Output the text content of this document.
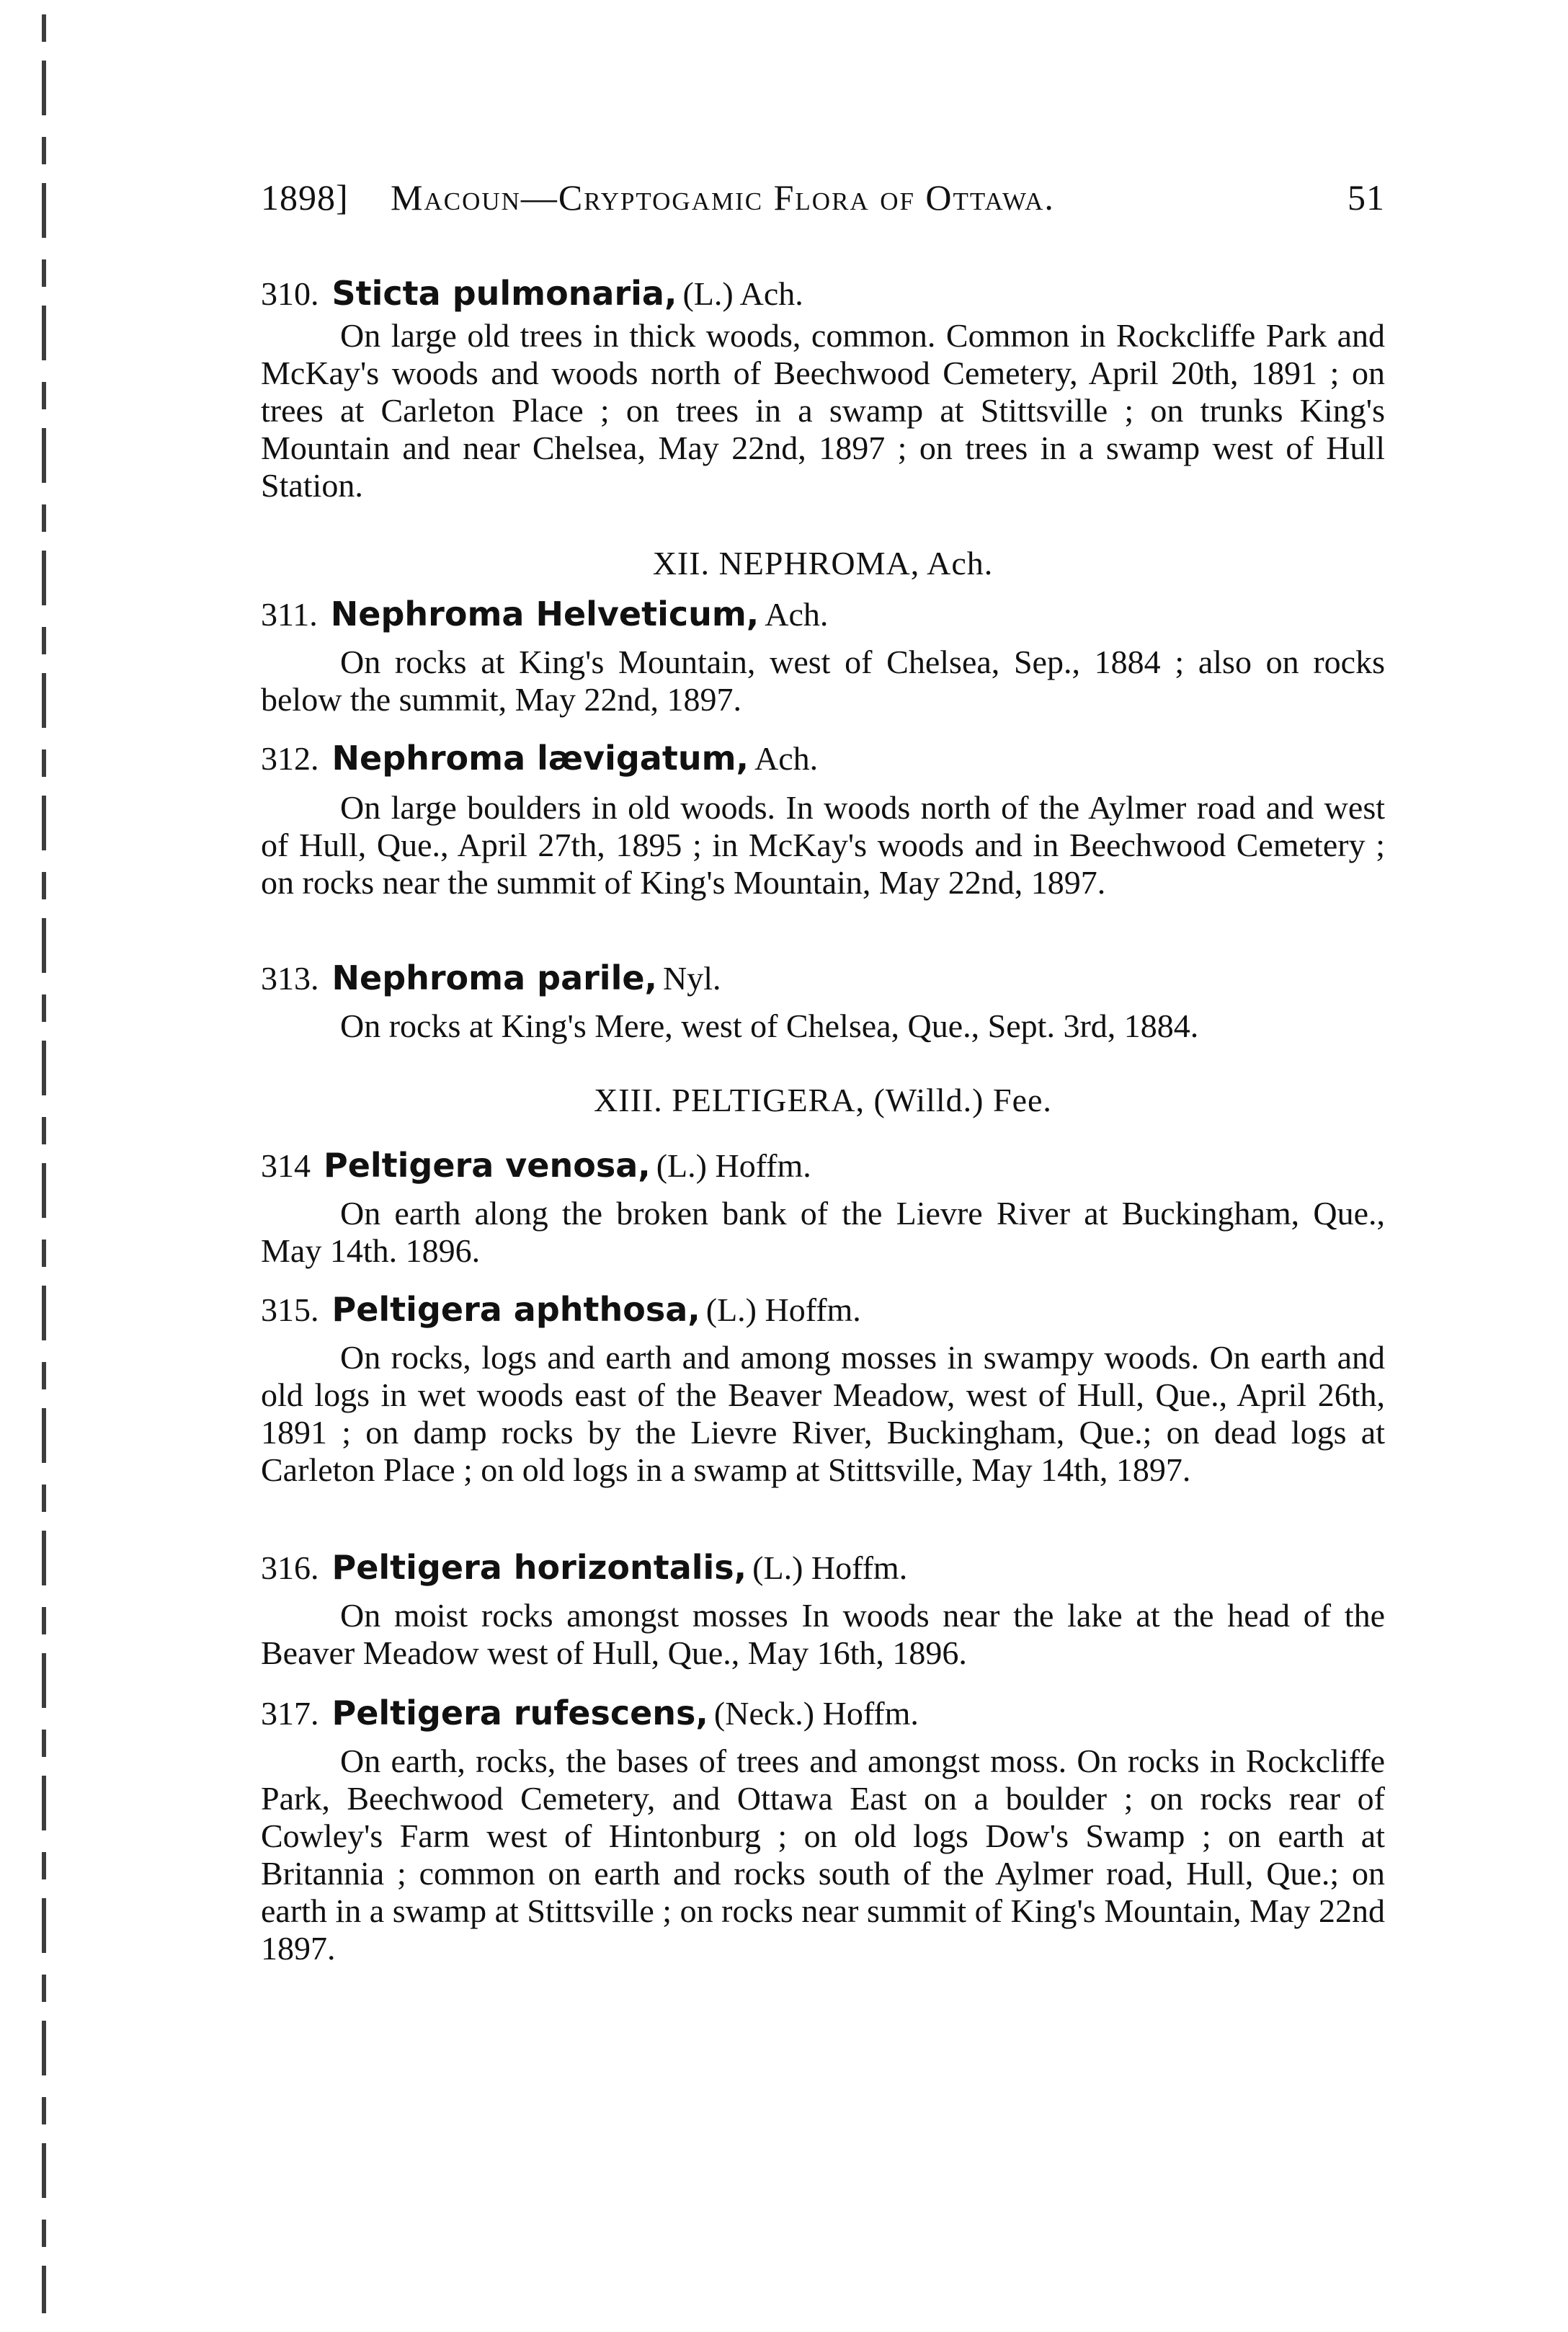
1898] Macoun—Cryptogamic Flora of Ottawa.	51
310. Sticta pulmonaria, (L.) Ach.
On large old trees in thick woods, common. Common in Rockcliffe Park and McKay's woods and woods north of Beechwood Cemetery, April 20th, 1891 ; on trees at Carleton Place ; on trees in a swamp at Stittsville ; on trunks King's Mountain and near Chelsea, May 22nd, 1897 ; on trees in a swamp west of Hull Station.
XII. NEPHROMA, Ach.
311. Nephroma Helveticum, Ach.
On rocks at King's Mountain, west of Chelsea, Sep., 1884 ; also on rocks below the summit, May 22nd, 1897.
312. Nephroma lævigatum, Ach.
On large boulders in old woods. In woods north of the Aylmer road and west of Hull, Que., April 27th, 1895 ; in McKay's woods and in Beechwood Cemetery ; on rocks near the summit of King's Mountain, May 22nd, 1897.
313. Nephroma parile, Nyl.
On rocks at King's Mere, west of Chelsea, Que., Sept. 3rd, 1884.
XIII. PELTIGERA, (Willd.) Fee.
314 Peltigera venosa, (L.) Hoffm.
On earth along the broken bank of the Lievre River at Buckingham, Que., May 14th. 1896.
315. Peltigera aphthosa, (L.) Hoffm.
On rocks, logs and earth and among mosses in swampy woods. On earth and old logs in wet woods east of the Beaver Meadow, west of Hull, Que., April 26th, 1891 ; on damp rocks by the Lievre River, Buckingham, Que.; on dead logs at Carleton Place ; on old logs in a swamp at Stittsville, May 14th, 1897.
316. Peltigera horizontalis, (L.) Hoffm.
On moist rocks amongst mosses In woods near the lake at the head of the Beaver Meadow west of Hull, Que., May 16th, 1896.
317. Peltigera rufescens, (Neck.) Hoffm.
On earth, rocks, the bases of trees and amongst moss. On rocks in Rockcliffe Park, Beechwood Cemetery, and Ottawa East on a boulder ; on rocks rear of Cowley's Farm west of Hintonburg ; on old logs Dow's Swamp ; on earth at Britannia ; common on earth and rocks south of the Aylmer road, Hull, Que.; on earth in a swamp at Stittsville ; on rocks near summit of King's Mountain, May 22nd 1897.
